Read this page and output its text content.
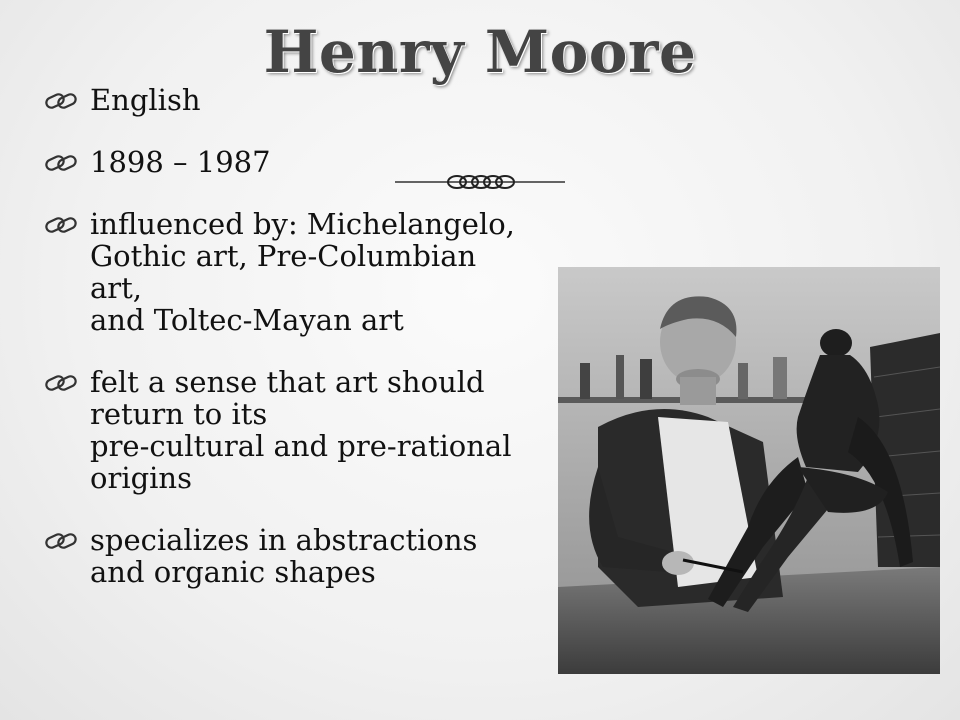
Henry Moore
English
1898 – 1987
influenced by: Michelangelo,
Gothic art, Pre-Columbian
art,
and Toltec-Mayan art
felt a sense that art should
return to its
pre-cultural and pre-rational
origins
specializes in abstractions
and organic shapes
